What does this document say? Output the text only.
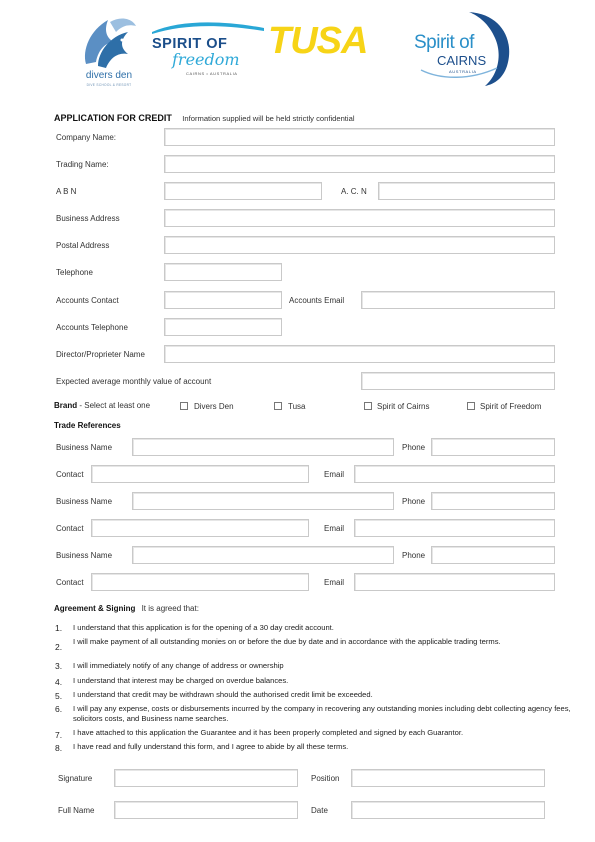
divers den
DIVE SCHOOL & RESORT
SPIRIT OF
freedom
CAIRNS • AUSTRALIA
TUSA Spirit of
CAIRNS
AUSTRALIA
APPLICATION FOR CREDIT Information supplied will be held strictly confidential
Company Name:
Trading Name:
A B N	A. C. N
Business Address
Postal Address
Telephone
Accounts Contact	Accounts Email
Accounts Telephone
Director/Proprieter Name
Expected average monthly value of account
Brand - Select at least one	Divers Den	Tusa	Spirit of Cairns	Spirit of Freedom
Trade References
Business Name	Phone
Contact	Email
Business Name	Phone
Contact	Email
Business Name	Phone
Contact	Email
Agreement & Signing It is agreed that:
1. I understand that this application is for the opening of a 30 day credit account.
2.
I will make payment of all outstanding monies on or before the due by date and in accordance with the applicable trading terms.
3. I will immediately notify of any change of address or ownership
4. I understand that interest may be charged on overdue balances.
5. I understand that credit may be withdrawn should the authorised credit limit be exceeded.
6. I will pay any expense, costs or disbursements incurred by the company in recovering any outstanding monies including debt collecting agency fees, solicitors costs, and Business name searches.
7. I have attached to this application the Guarantee and it has been properly completed and signed by each Guarantor.
8. I have read and fully understand this form, and I agree to abide by all these terms.
Signature	Position
Full Name	Date
